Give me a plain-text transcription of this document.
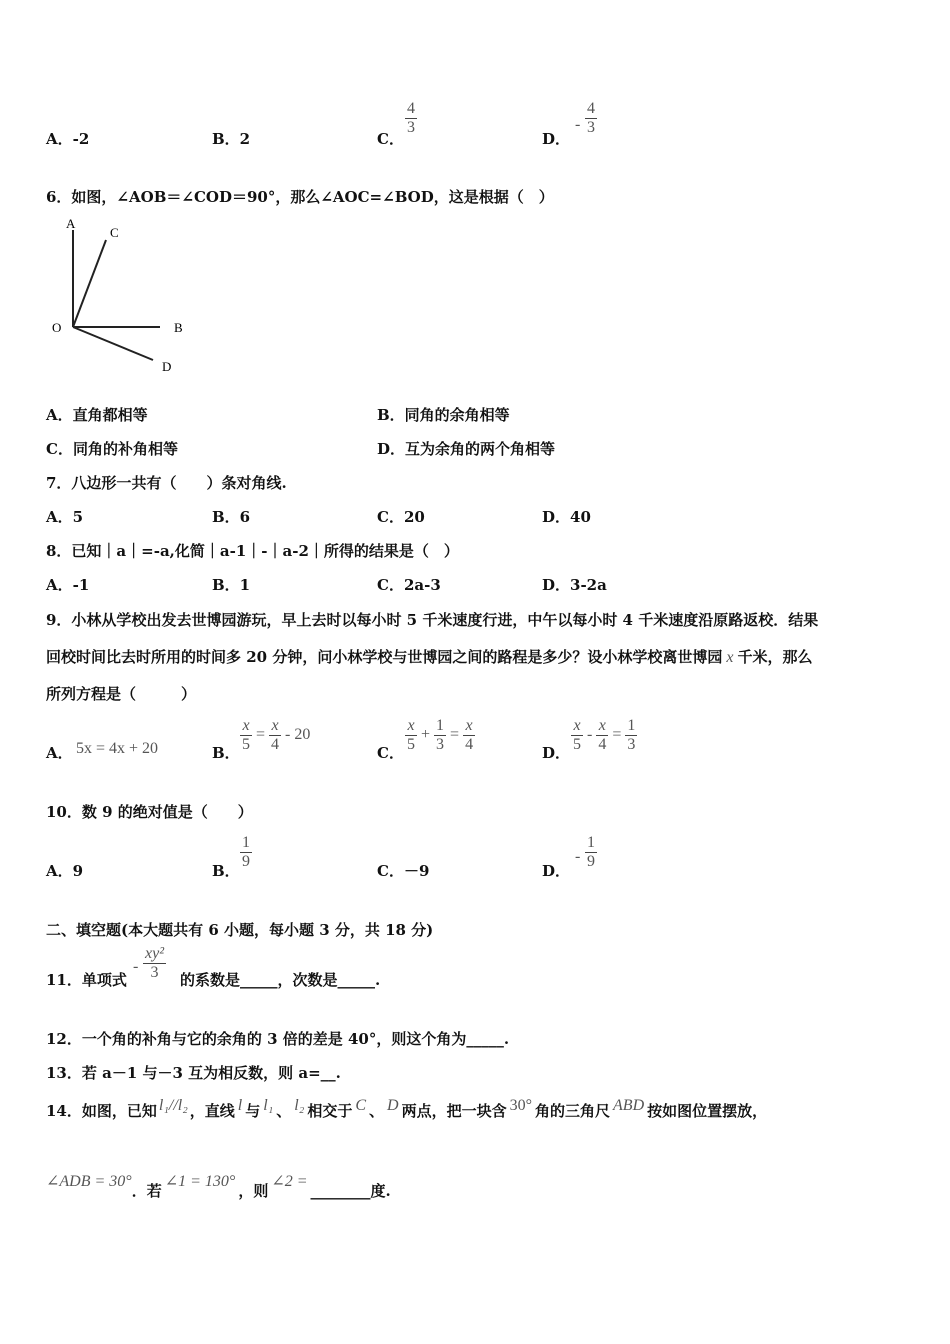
A．-2	B．2	C．
$\frac{4}{3}$
D．
- $\frac{4}{3}$
6．如图，∠AOB＝∠COD＝90°，那么∠AOC=∠BOD，这是根据（　）
A
C
O	B
D
A．直角都相等	B．同角的余角相等
C．同角的补角相等	D．互为余角的两个角相等
7．八边形一共有（　　）条对角线.
A．5	B．6	C．20	D．40
8．已知｜a｜=-a,化简｜a-1｜-｜a-2｜所得的结果是（　）
A．-1	B．1	C．2a-3	D．3-2a
9．小林从学校出发去世博园游玩，早上去时以每小时 5 千米速度行进，中午以每小时 4 千米速度沿原路返校．结果
回校时间比去时所用的时间多 20 分钟，问小林学校与世博园之间的路程是多少？设小林学校离世博园 x 千米，那么
所列方程是（　　　）
A． 5x = 4x + 20	B． $\frac{x}{5} = \frac{x}{4} - 20$
C． $\frac{x}{5} + \frac{1}{3} = \frac{x}{4}$	D． $\frac{x}{5} - \frac{x}{4} = \frac{1}{3}$
10．数 9 的绝对值是（　　）
A．9	B． $\frac{1}{9}$	C．－9	D．
- $\frac{1}{9}$
二、填空题(本大题共有 6 小题，每小题 3 分，共 18 分)
11．单项式
- $\frac{\text{xy²}}{3}$ 的系数是_____，次数是_____.
12．一个角的补角与它的余角的 3 倍的差是 40°，则这个角为_____.
13．若 a－1 与－3 互为相反数，则 a=__.
14．如图，已知 l₁//l₂ ，直线 l 与 l₁ 、 l₂ 相交于 C 、 D 两点，把一块含 30° 角的三角尺 ABD 按如图位置摆放，
∠ADB = 30°．若∠1 = 130°，则∠2 =________度.
